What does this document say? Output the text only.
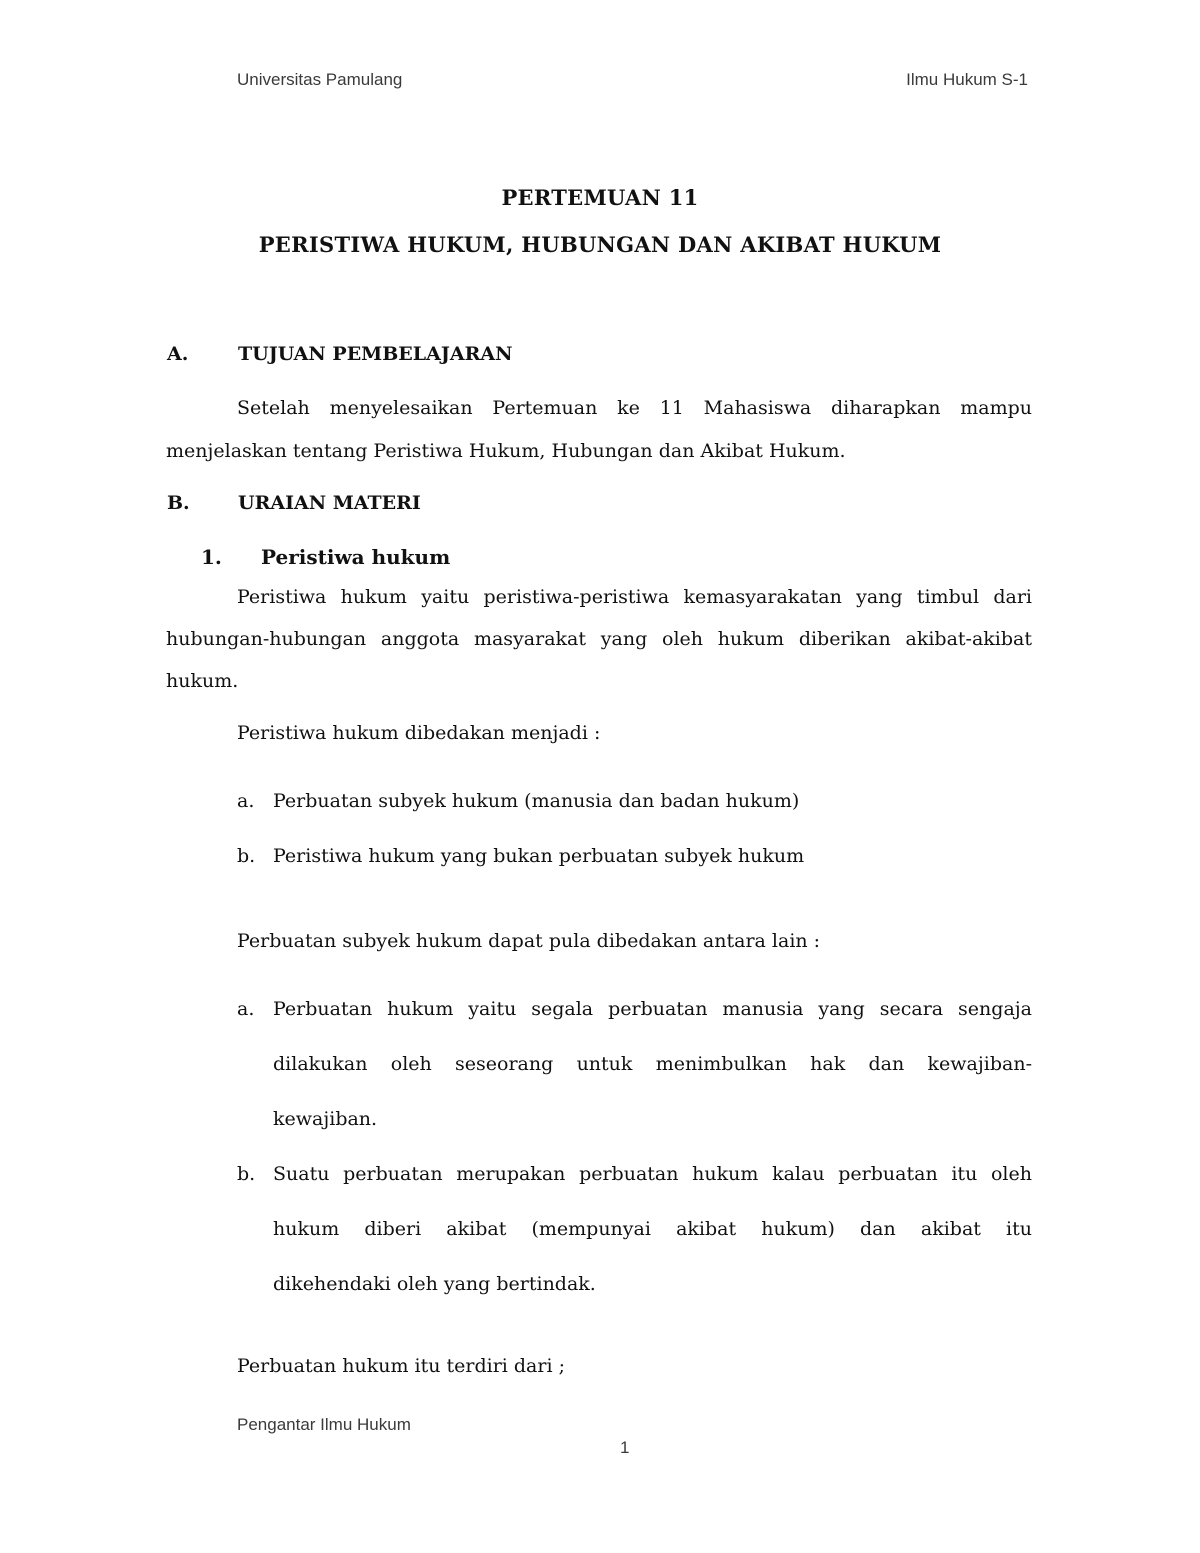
Universitas Pamulang	Ilmu Hukum S-1
PERTEMUAN 11
PERISTIWA HUKUM, HUBUNGAN DAN AKIBAT HUKUM
A.	TUJUAN PEMBELAJARAN
Setelah menyelesaikan Pertemuan ke 11 Mahasiswa diharapkan mampu
menjelaskan tentang Peristiwa Hukum, Hubungan dan Akibat Hukum.
B.	URAIAN MATERI
1. Peristiwa hukum
Peristiwa hukum yaitu peristiwa-peristiwa kemasyarakatan yang timbul dari
hubungan-hubungan anggota masyarakat yang oleh hukum diberikan akibat-akibat
hukum.
Peristiwa hukum dibedakan menjadi :
a. Perbuatan subyek hukum (manusia dan badan hukum)
b. Peristiwa hukum yang bukan perbuatan subyek hukum
Perbuatan subyek hukum dapat pula dibedakan antara lain :
a. Perbuatan hukum yaitu segala perbuatan manusia yang secara sengaja
dilakukan oleh seseorang untuk menimbulkan hak dan kewajiban-
kewajiban.
b. Suatu perbuatan merupakan perbuatan hukum kalau perbuatan itu oleh
hukum diberi akibat (mempunyai akibat hukum) dan akibat itu
dikehendaki oleh yang bertindak.
Perbuatan hukum itu terdiri dari ;
Pengantar Ilmu Hukum
1
